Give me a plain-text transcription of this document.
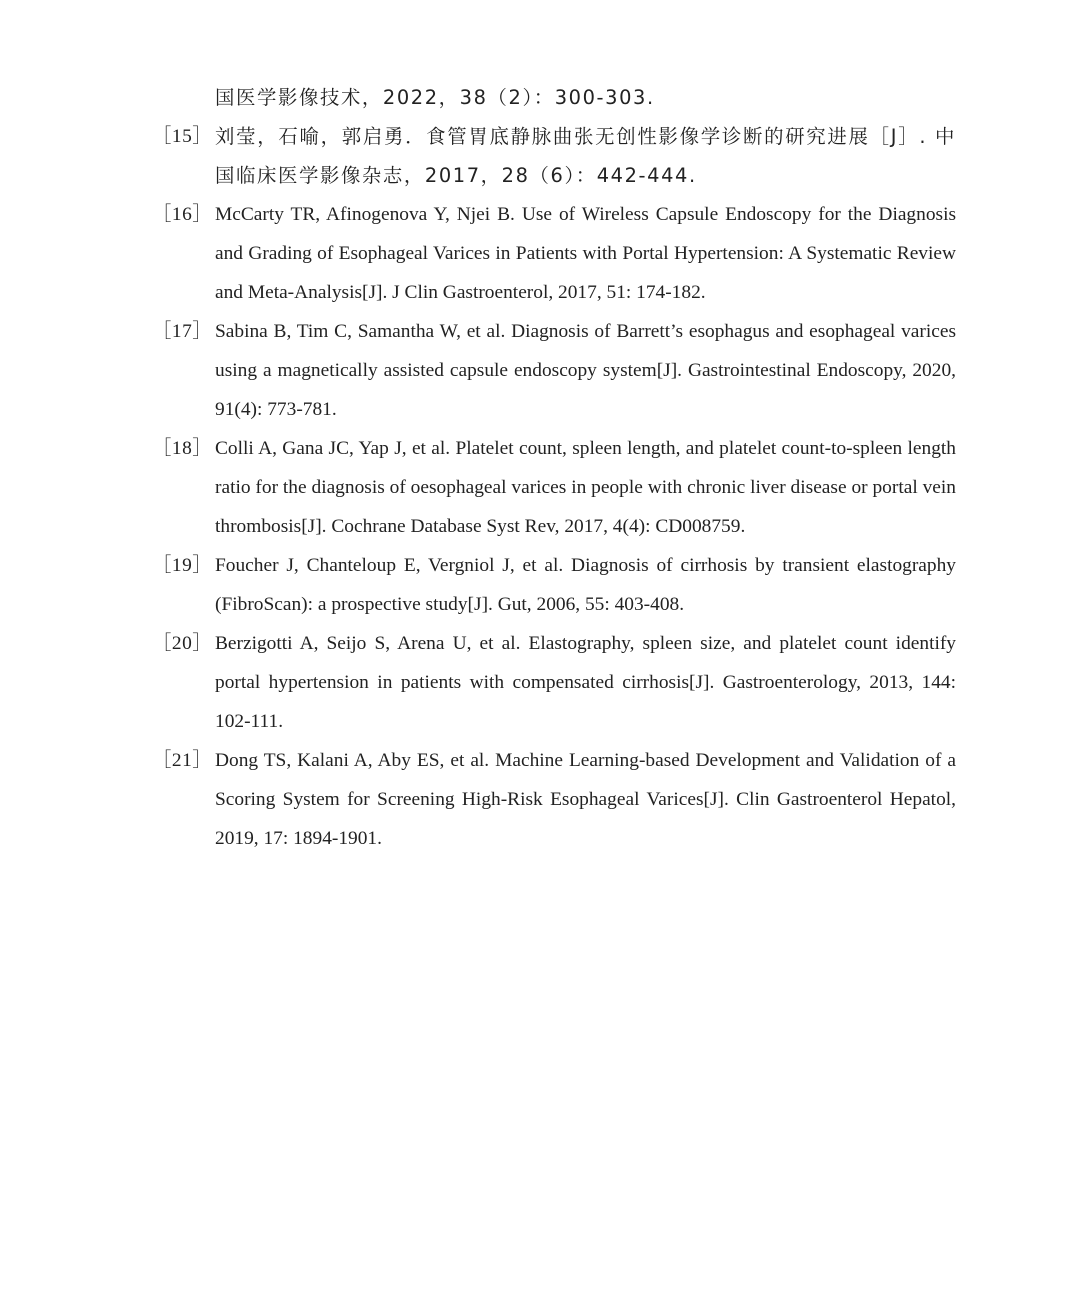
国医学影像技术，2022，38（2）：300-303.
［15］ 刘莹，石喻，郭启勇．食管胃底静脉曲张无创性影像学诊断的研究进展［J］. 中国临床医学影像杂志，2017，28（6）：442-444.
［16］ McCarty TR, Afinogenova Y, Njei B. Use of Wireless Capsule Endoscopy for the Diagnosis and Grading of Esophageal Varices in Patients with Portal Hypertension: A Systematic Review and Meta-Analysis[J]. J Clin Gastroenterol, 2017, 51: 174-182.
［17］ Sabina B, Tim C, Samantha W, et al. Diagnosis of Barrett’s esophagus and esophageal varices using a magnetically assisted capsule endoscopy system[J]. Gastrointestinal Endoscopy, 2020, 91(4): 773-781.
［18］ Colli A, Gana JC, Yap J, et al. Platelet count, spleen length, and platelet count-to-spleen length ratio for the diagnosis of oesophageal varices in people with chronic liver disease or portal vein thrombosis[J]. Cochrane Database Syst Rev, 2017, 4(4): CD008759.
［19］ Foucher J, Chanteloup E, Vergniol J, et al. Diagnosis of cirrhosis by transient elastography (FibroScan): a prospective study[J]. Gut, 2006, 55: 403-408.
［20］ Berzigotti A, Seijo S, Arena U, et al. Elastography, spleen size, and platelet count identify portal hypertension in patients with compensated cirrhosis[J]. Gastroenterology, 2013, 144: 102-111.
［21］ Dong TS, Kalani A, Aby ES, et al. Machine Learning-based Development and Validation of a Scoring System for Screening High-Risk Esophageal Varices[J]. Clin Gastroenterol Hepatol, 2019, 17: 1894-1901.
